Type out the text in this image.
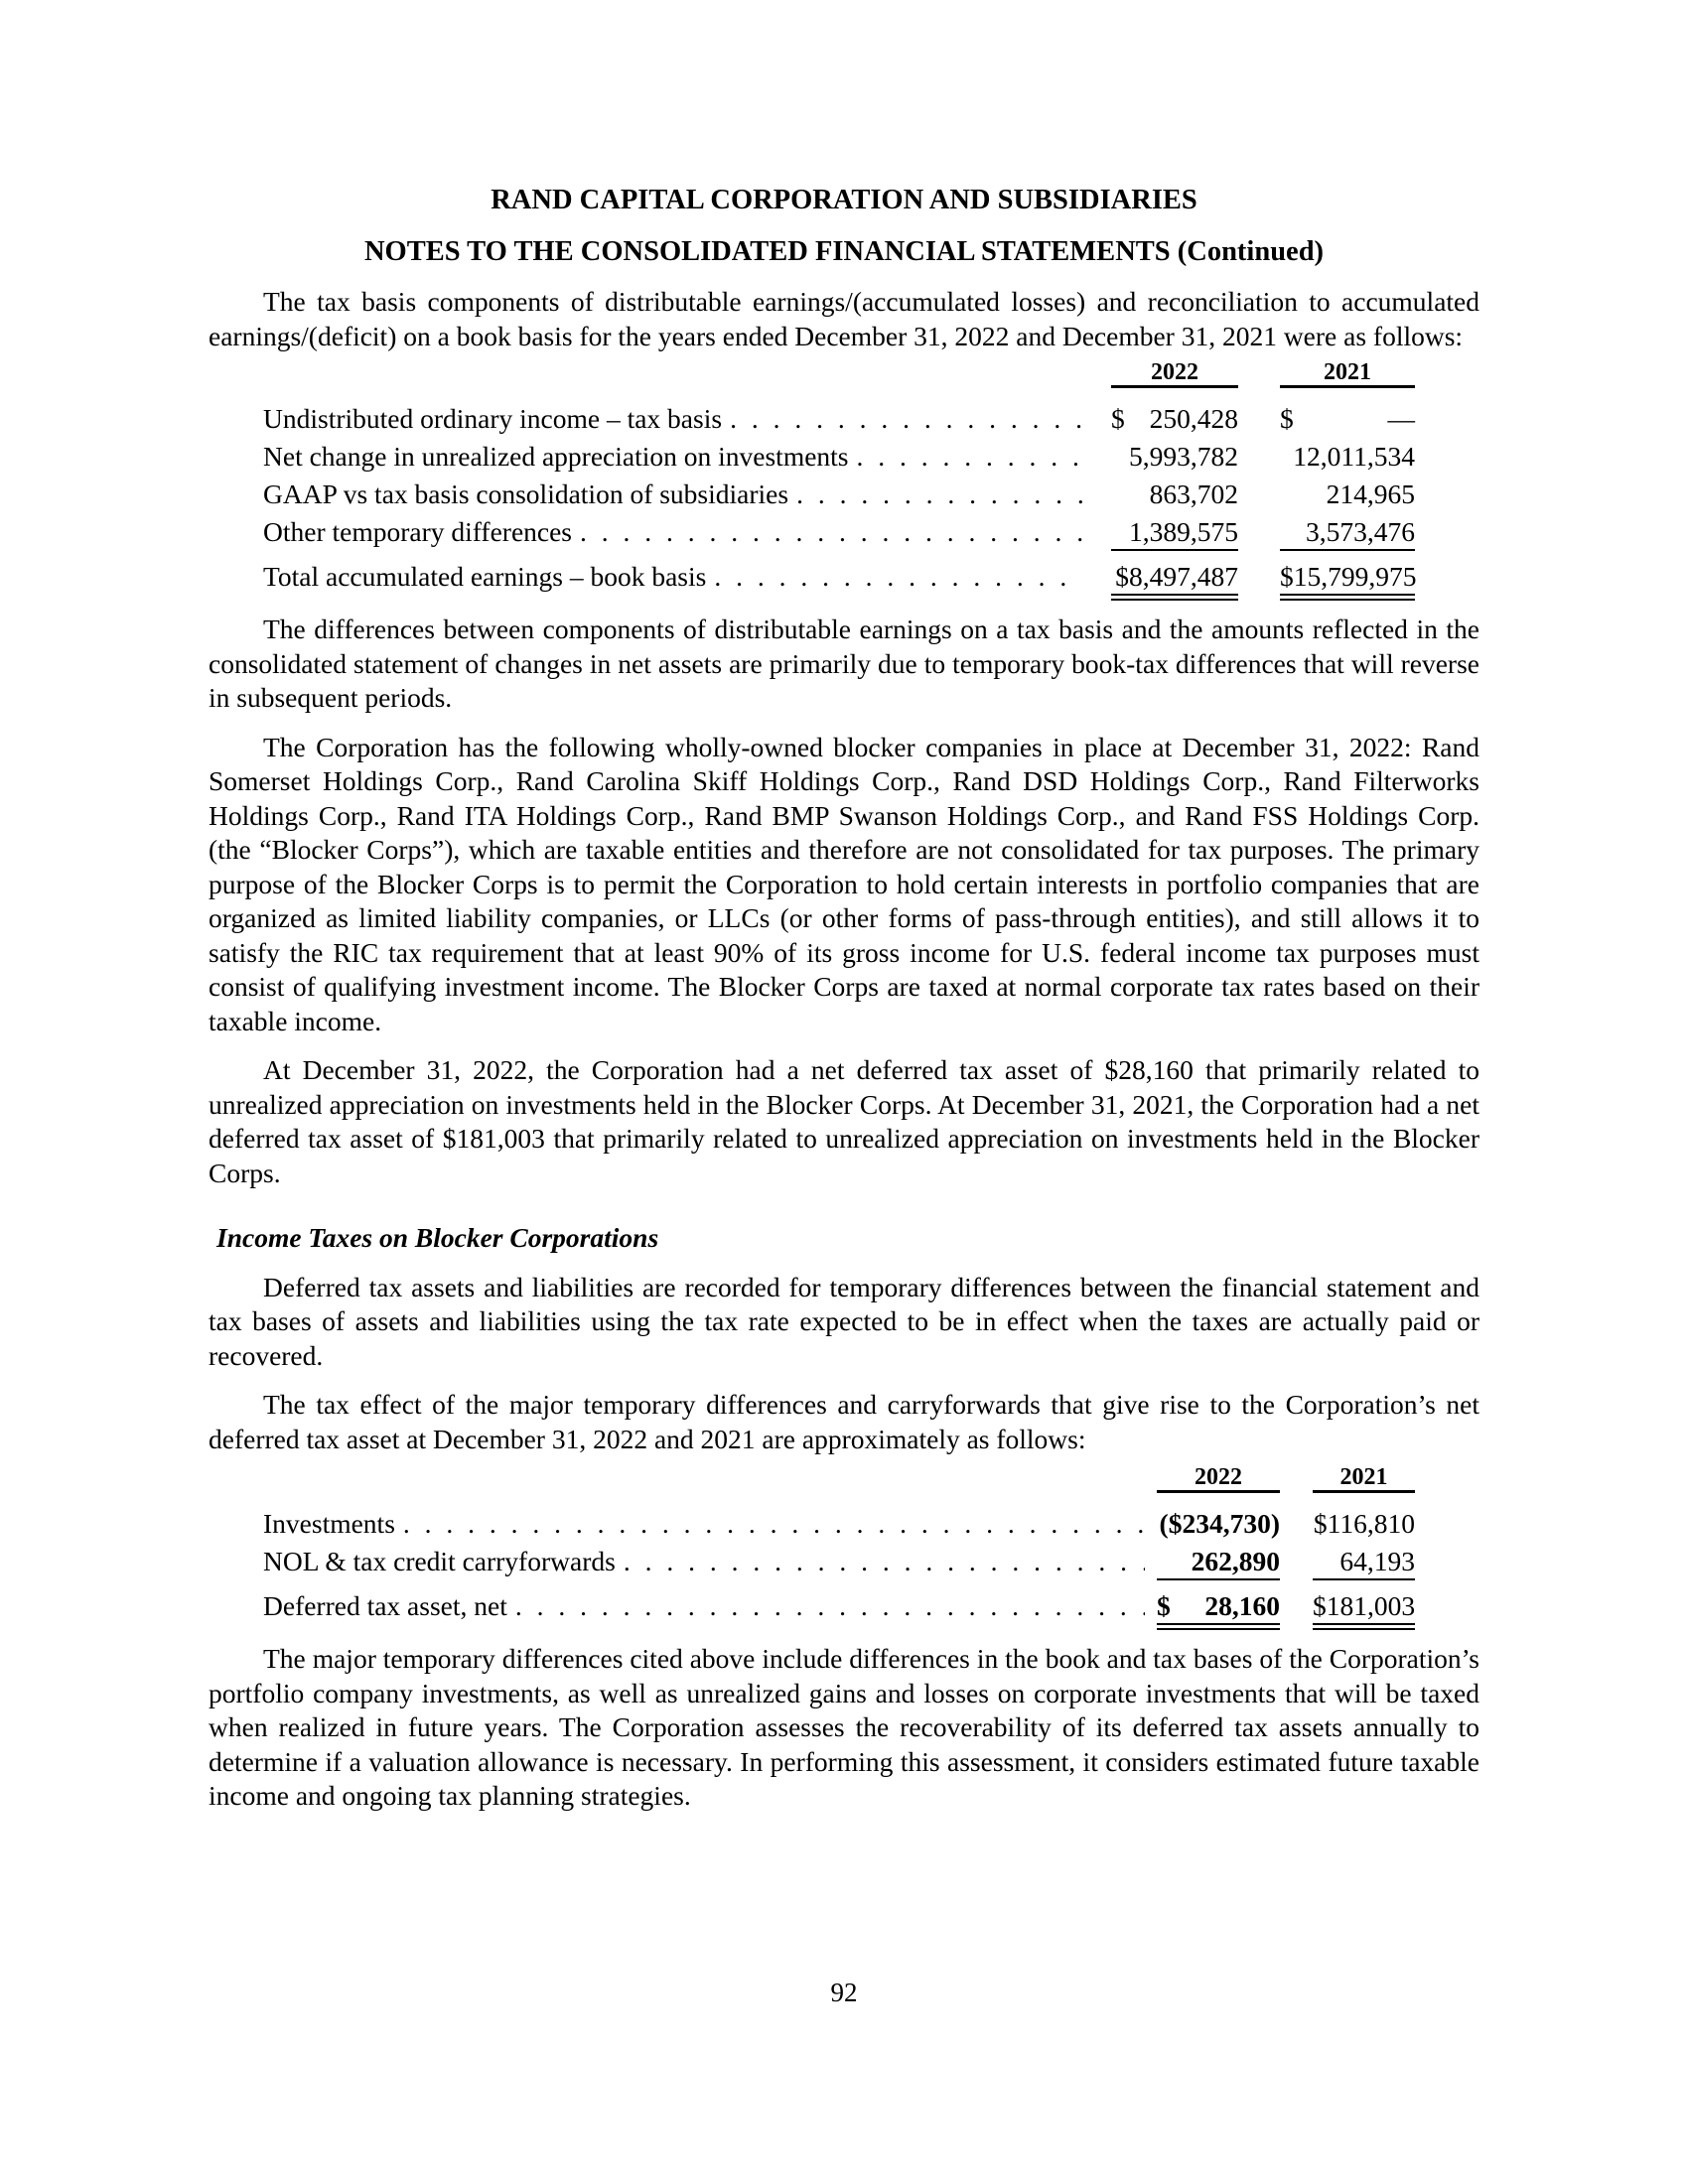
RAND CAPITAL CORPORATION AND SUBSIDIARIES
NOTES TO THE CONSOLIDATED FINANCIAL STATEMENTS (Continued)

The tax basis components of distributable earnings/(accumulated losses) and reconciliation to accumulated earnings/(deficit) on a book basis for the years ended December 31, 2022 and December 31, 2021 were as follows:

2022	2021
Undistributed ordinary income – tax basis . . .	$ 250,428 $	—
Net change in unrealized appreciation on investments . . .	5,993,782 12,011,534
GAAP vs tax basis consolidation of subsidiaries . . .	863,702	214,965
Other temporary differences . . .	1,389,575 3,573,476
Total accumulated earnings – book basis . . .	$8,497,487 $15,799,975

The differences between components of distributable earnings on a tax basis and the amounts reflected in the consolidated statement of changes in net assets are primarily due to temporary book-tax differences that will reverse in subsequent periods.

The Corporation has the following wholly-owned blocker companies in place at December 31, 2022: Rand Somerset Holdings Corp., Rand Carolina Skiff Holdings Corp., Rand DSD Holdings Corp., Rand Filterworks Holdings Corp., Rand ITA Holdings Corp., Rand BMP Swanson Holdings Corp., and Rand FSS Holdings Corp. (the “Blocker Corps”), which are taxable entities and therefore are not consolidated for tax purposes. The primary purpose of the Blocker Corps is to permit the Corporation to hold certain interests in portfolio companies that are organized as limited liability companies, or LLCs (or other forms of pass-through entities), and still allows it to satisfy the RIC tax requirement that at least 90% of its gross income for U.S. federal income tax purposes must consist of qualifying investment income. The Blocker Corps are taxed at normal corporate tax rates based on their taxable income.

At December 31, 2022, the Corporation had a net deferred tax asset of $28,160 that primarily related to unrealized appreciation on investments held in the Blocker Corps. At December 31, 2021, the Corporation had a net deferred tax asset of $181,003 that primarily related to unrealized appreciation on investments held in the Blocker Corps.

Income Taxes on Blocker Corporations

Deferred tax assets and liabilities are recorded for temporary differences between the financial statement and tax bases of assets and liabilities using the tax rate expected to be in effect when the taxes are actually paid or recovered.

The tax effect of the major temporary differences and carryforwards that give rise to the Corporation’s net deferred tax asset at December 31, 2022 and 2021 are approximately as follows:

2022	2021
Investments . . .	($234,730) $116,810
NOL & tax credit carryforwards . . .	262,890 64,193
Deferred tax asset, net . . .	$ 28,160 $181,003

The major temporary differences cited above include differences in the book and tax bases of the Corporation’s portfolio company investments, as well as unrealized gains and losses on corporate investments that will be taxed when realized in future years. The Corporation assesses the recoverability of its deferred tax assets annually to determine if a valuation allowance is necessary. In performing this assessment, it considers estimated future taxable income and ongoing tax planning strategies.

92
